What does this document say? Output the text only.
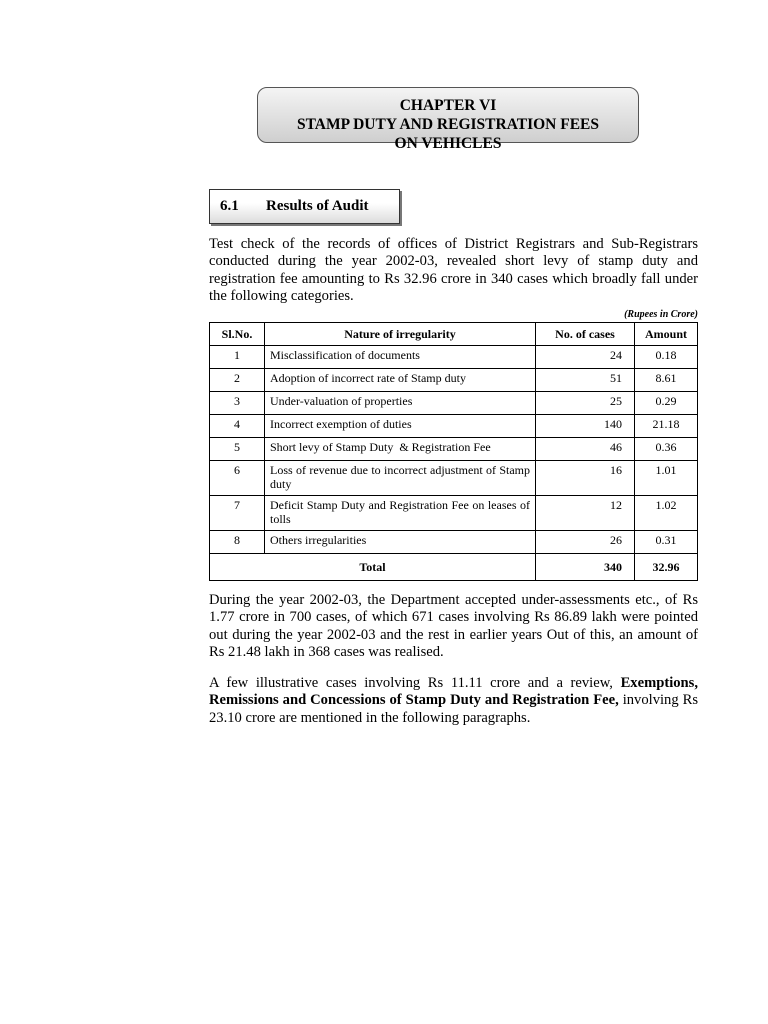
CHAPTER VI
STAMP DUTY AND REGISTRATION FEES
ON VEHICLES
6.1 Results of Audit

Test check of the records of offices of District Registrars and Sub-Registrars conducted during the year 2002-03, revealed short levy of stamp duty and registration fee amounting to Rs 32.96 crore in 340 cases which broadly fall under the following categories.

(Rupees in Crore)
Sl.No.	Nature of irregularity	No. of cases	Amount
1	Misclassification of documents	24	0.18
2	Adoption of incorrect rate of Stamp duty	51	8.61
3	Under-valuation of properties	25	0.29
4	Incorrect exemption of duties	140	21.18
5	Short levy of Stamp Duty  & Registration Fee	46	0.36
6	Loss of revenue due to incorrect adjustment of Stamp duty	16	1.01
7	Deficit Stamp Duty and Registration Fee on leases of tolls	12	1.02
8	Others irregularities	26	0.31
Total		340	32.96

During the year 2002-03, the Department accepted under-assessments etc., of Rs 1.77 crore in 700 cases, of which 671 cases involving Rs 86.89 lakh were pointed out during the year 2002-03 and the rest in earlier years Out of this, an amount of Rs 21.48 lakh in 368 cases was realised.

A few illustrative cases involving Rs 11.11 crore and a review, Exemptions, Remissions and Concessions of Stamp Duty and Registration Fee, involving Rs 23.10 crore are mentioned in the following paragraphs.
